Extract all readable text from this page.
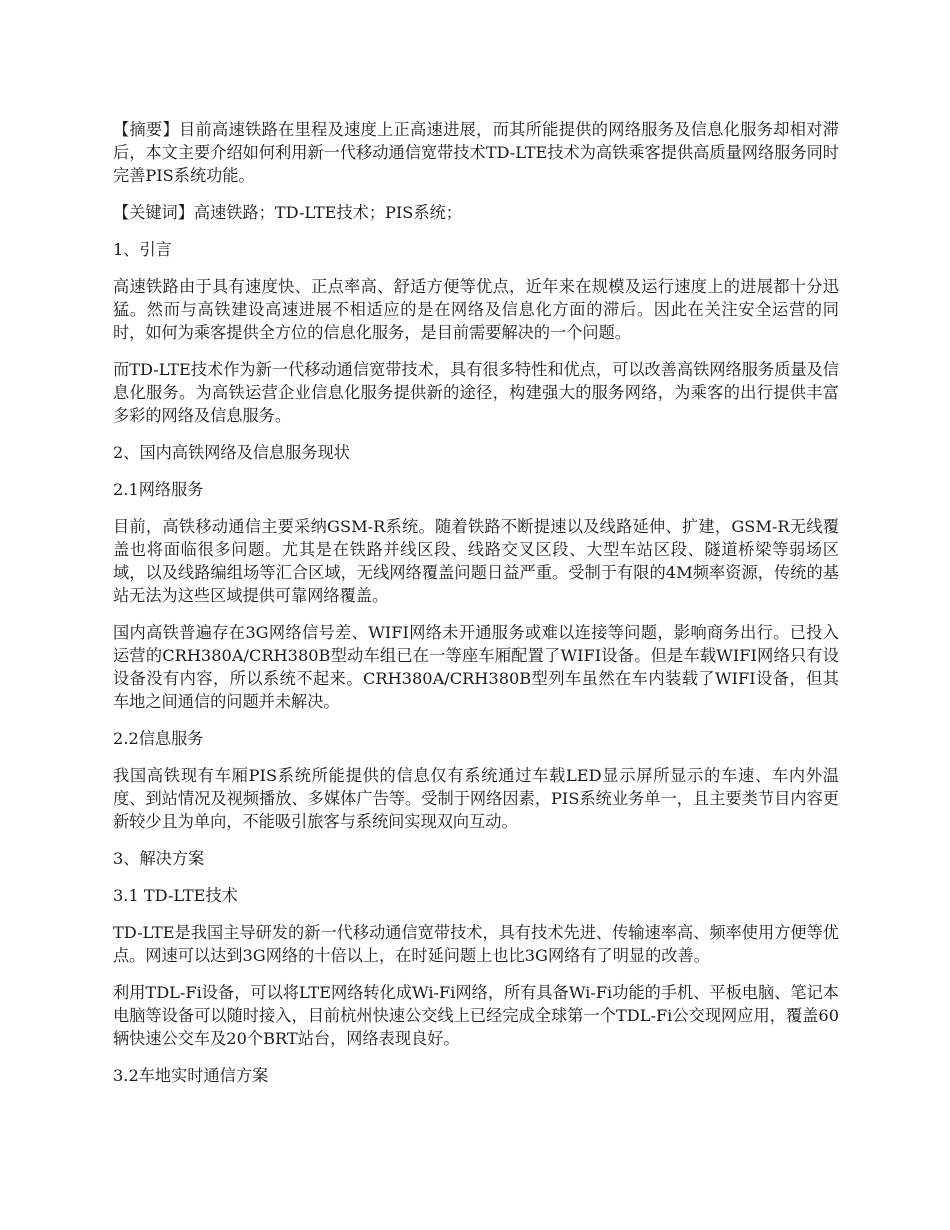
【摘要】目前高速铁路在里程及速度上正高速进展，而其所能提供的网络服务及信息化服务却相对滞后，本文主要介绍如何利用新一代移动通信宽带技术TD-LTE技术为高铁乘客提供高质量网络服务同时完善PIS系统功能。

【关键词】高速铁路；TD-LTE技术；PIS系统；

1、引言

高速铁路由于具有速度快、正点率高、舒适方便等优点，近年来在规模及运行速度上的进展都十分迅猛。然而与高铁建设高速进展不相适应的是在网络及信息化方面的滞后。因此在关注安全运营的同时，如何为乘客提供全方位的信息化服务，是目前需要解决的一个问题。

而TD-LTE技术作为新一代移动通信宽带技术，具有很多特性和优点，可以改善高铁网络服务质量及信息化服务。为高铁运营企业信息化服务提供新的途径，构建强大的服务网络，为乘客的出行提供丰富多彩的网络及信息服务。

2、国内高铁网络及信息服务现状

2.1网络服务

目前，高铁移动通信主要采纳GSM-R系统。随着铁路不断提速以及线路延伸、扩建，GSM-R无线覆盖也将面临很多问题。尤其是在铁路并线区段、线路交叉区段、大型车站区段、隧道桥梁等弱场区域，以及线路编组场等汇合区域，无线网络覆盖问题日益严重。受制于有限的4M频率资源，传统的基站无法为这些区域提供可靠网络覆盖。

国内高铁普遍存在3G网络信号差、WIFI网络未开通服务或难以连接等问题，影响商务出行。已投入运营的CRH380A/CRH380B型动车组已在一等座车厢配置了WIFI设备。但是车载WIFI网络只有设设备没有内容，所以系统不起来。CRH380A/CRH380B型列车虽然在车内装载了WIFI设备，但其车地之间通信的问题并未解决。

2.2信息服务

我国高铁现有车厢PIS系统所能提供的信息仅有系统通过车载LED显示屏所显示的车速、车内外温度、到站情况及视频播放、多媒体广告等。受制于网络因素，PIS系统业务单一，且主要类节目内容更新较少且为单向，不能吸引旅客与系统间实现双向互动。

3、解决方案

3.1 TD-LTE技术

TD-LTE是我国主导研发的新一代移动通信宽带技术，具有技术先进、传输速率高、频率使用方便等优点。网速可以达到3G网络的十倍以上，在时延问题上也比3G网络有了明显的改善。

利用TDL-Fi设备，可以将LTE网络转化成Wi-Fi网络，所有具备Wi-Fi功能的手机、平板电脑、笔记本电脑等设备可以随时接入，目前杭州快速公交线上已经完成全球第一个TDL-Fi公交现网应用，覆盖60辆快速公交车及20个BRT站台，网络表现良好。

3.2车地实时通信方案
